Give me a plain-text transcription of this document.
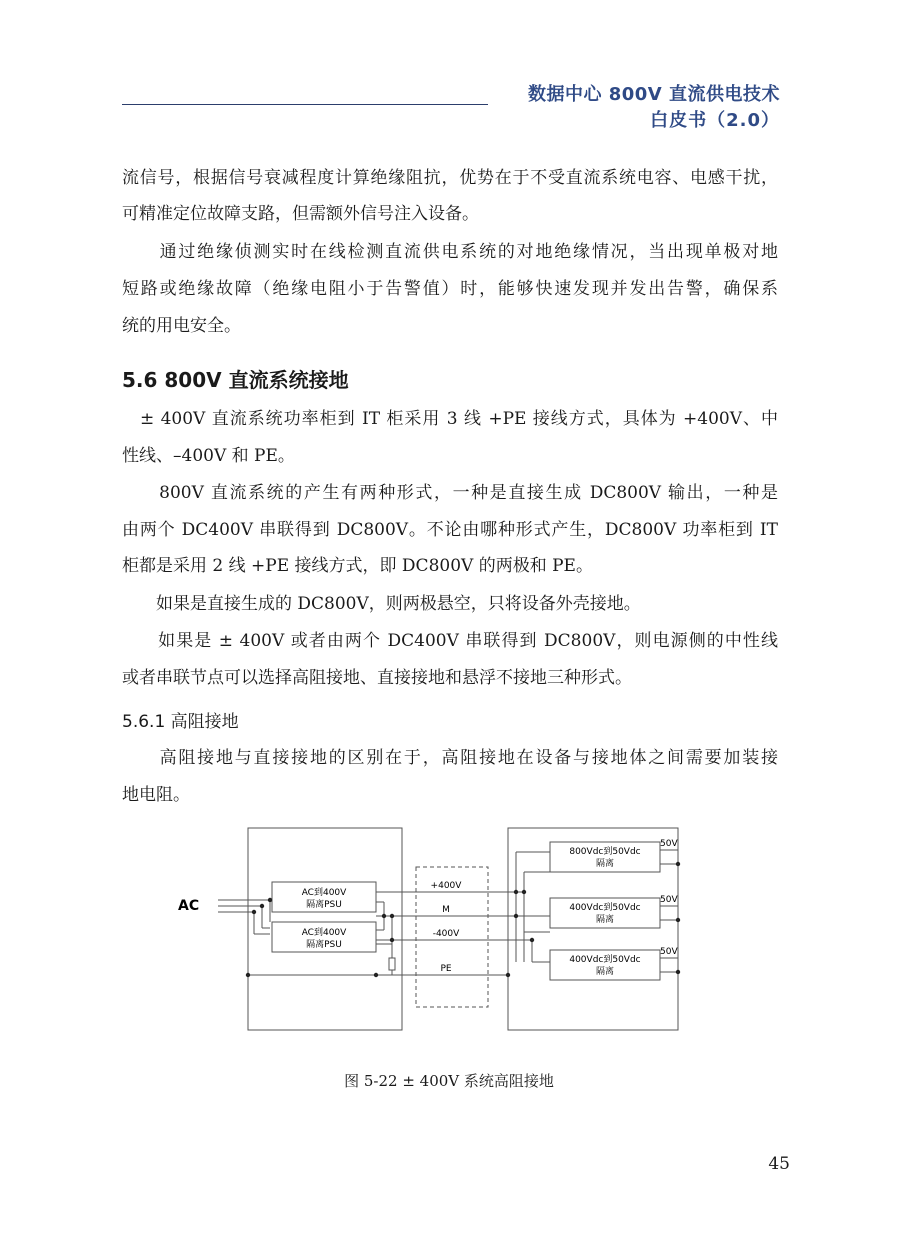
数据中心 800V 直流供电技术
白皮书（2.0）
流信号，根据信号衰减程度计算绝缘阻抗，优势在于不受直流系统电容、电感干扰，
可精准定位故障支路，但需额外信号注入设备。
　　通过绝缘侦测实时在线检测直流供电系统的对地绝缘情况，当出现单极对地
短路或绝缘故障（绝缘电阻小于告警值）时，能够快速发现并发出告警，确保系
统的用电安全。
5.6 800V 直流系统接地
　± 400V 直流系统功率柜到 IT 柜采用 3 线 +PE 接线方式，具体为 +400V、中
性线、–400V 和 PE。
　　800V 直流系统的产生有两种形式，一种是直接生成 DC800V 输出，一种是
由两个 DC400V 串联得到 DC800V。不论由哪种形式产生，DC800V 功率柜到 IT
柜都是采用 2 线 +PE 接线方式，即 DC800V 的两极和 PE。
　　如果是直接生成的 DC800V，则两极悬空，只将设备外壳接地。
　　如果是 ± 400V 或者由两个 DC400V 串联得到 DC800V，则电源侧的中性线
或者串联节点可以选择高阻接地、直接接地和悬浮不接地三种形式。
5.6.1 高阻接地
　　高阻接地与直接接地的区别在于，高阻接地在设备与接地体之间需要加装接
地电阻。
AC
AC到400V
隔离PSU
AC到400V
隔离PSU
+400V
M
-400V
PE
800Vdc到50Vdc
隔离
400Vdc到50Vdc
隔离
400Vdc到50Vdc
隔离
50V
50V
50V
图 5-22 ± 400V 系统高阻接地
45
